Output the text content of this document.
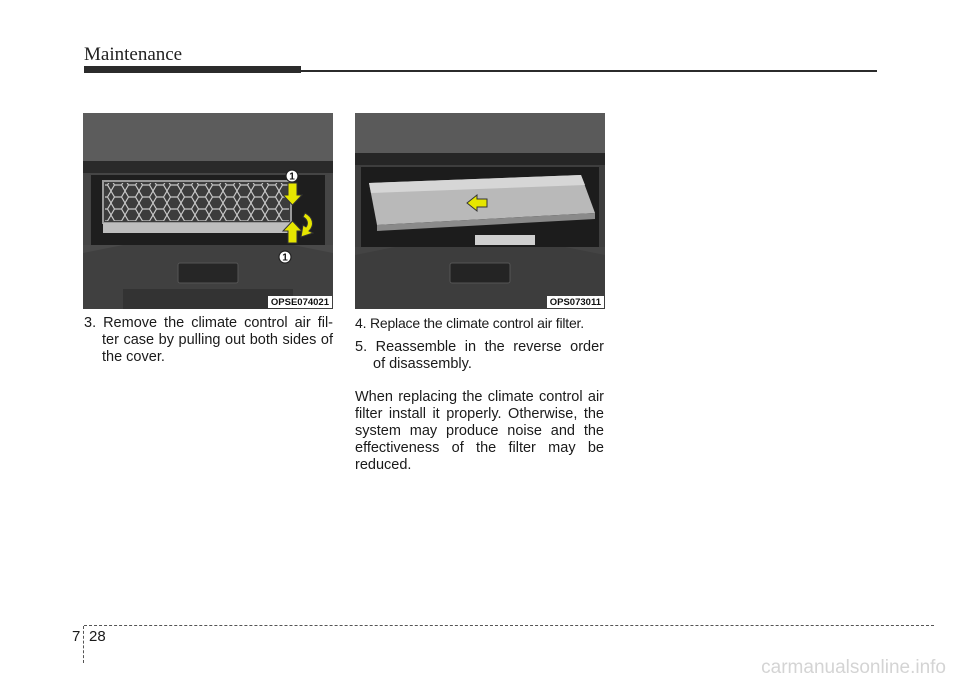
Maintenance
1
1
OPSE074021	OPS073011
3. Remove the climate control air fil-
ter case by pulling out both sides of the cover.
4. Replace the climate control air filter.
5. Reassemble in the reverse order
of disassembly.
When replacing the climate control air filter install it properly. Otherwise, the system may produce noise and the effectiveness of the filter may be reduced.
7 28
carmanualsonline.info
